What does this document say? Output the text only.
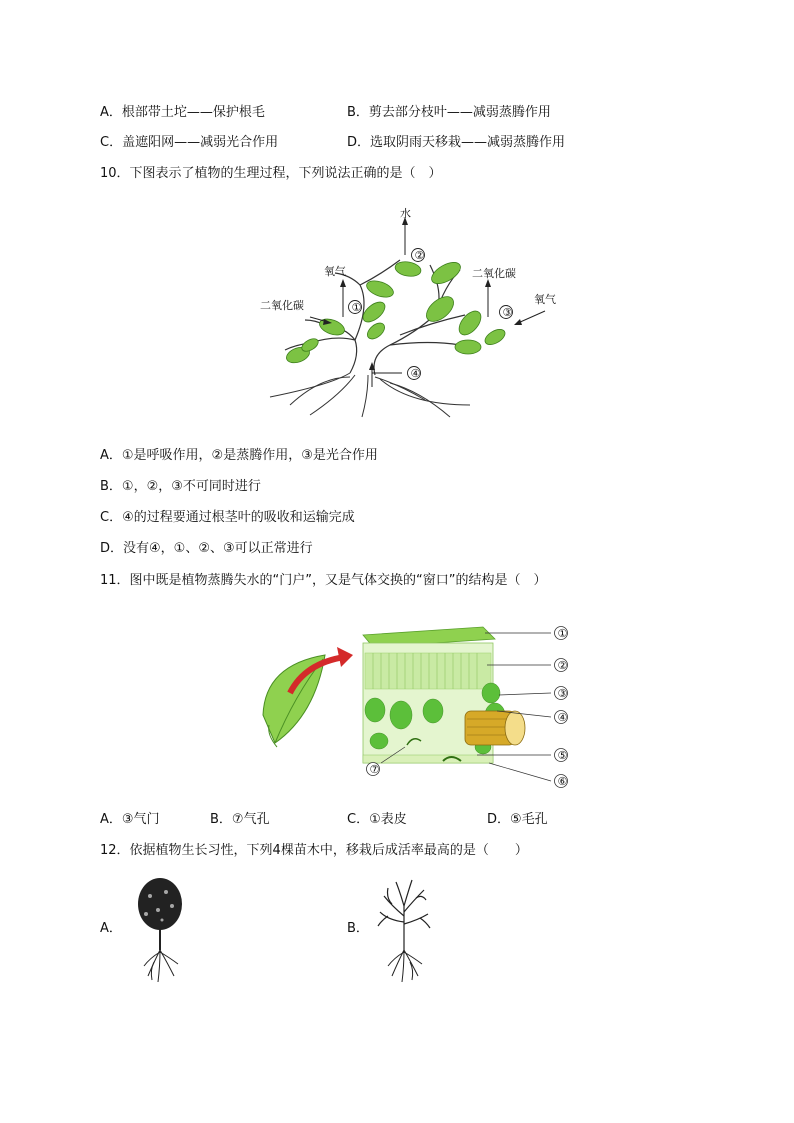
A．根部带土坨——保护根毛	B．剪去部分枝叶——减弱蒸腾作用
C．盖遮阳网——减弱光合作用	D．选取阴雨天移栽——减弱蒸腾作用
10．下图表示了植物的生理过程，下列说法正确的是（　）
②
①	③
④
水
氧气
二氧化碳
二氧化碳
氧气
A．①是呼吸作用，②是蒸腾作用，③是光合作用
B．①，②，③不可同时进行
C．④的过程要通过根茎叶的吸收和运输完成
D．没有④，①、②、③可以正常进行
11．图中既是植物蒸腾失水的“门户”，又是气体交换的“窗口”的结构是（　）
①
②
③
④
⑤
⑥
⑦
A．③气门	B．⑦气孔	C．①表皮	D．⑤毛孔
12．依据植物生长习性，下列4棵苗木中，移栽后成活率最高的是（　　）
A．	B．
